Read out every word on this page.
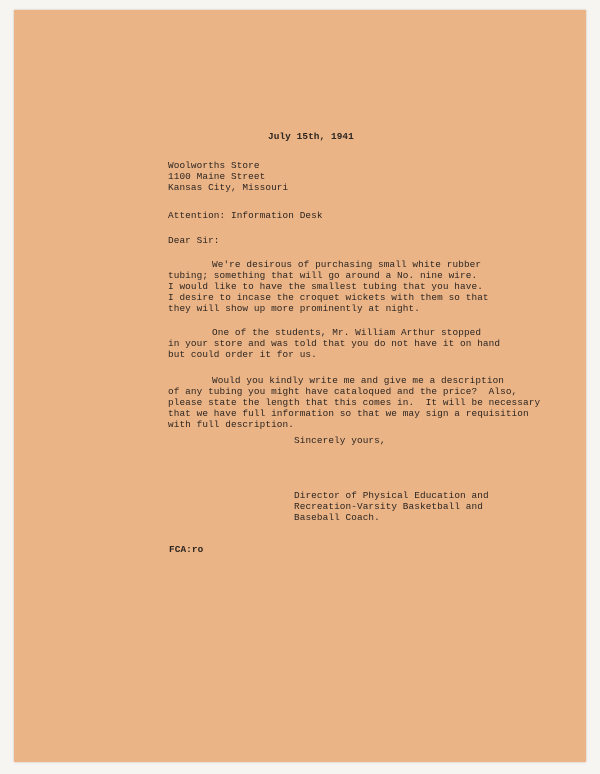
July 15th, 1941

Woolworths Store

1100 Maine Street

Kansas City, Missouri

Attention: Information Desk

Dear Sir:

We're desirous of purchasing small white rubber

tubing; something that will go around a No. nine wire.

I would like to have the smallest tubing that you have.

I desire to incase the croquet wickets with them so that

they will show up more prominently at night.

One of the students, Mr. William Arthur stopped

in your store and was told that you do not have it on hand

but could order it for us.

Would you kindly write me and give me a description

of any tubing you might have cataloqued and the price?  Also,

please state the length that this comes in.  It will be necessary

that we have full information so that we may sign a requisition

with full description.

Sincerely yours,

Director of Physical Education and

Recreation-Varsity Basketball and

Baseball Coach.

FCA:ro
